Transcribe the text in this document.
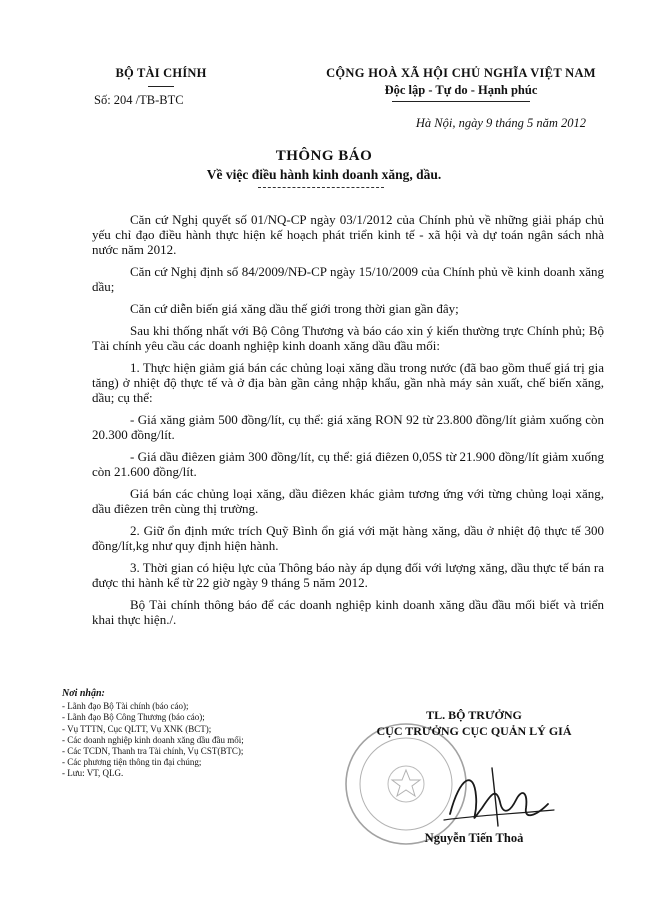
BỘ TÀI CHÍNH
Số: 204 /TB-BTC
CỘNG HOÀ XÃ HỘI CHỦ NGHĨA VIỆT NAM
Độc lập - Tự do - Hạnh phúc
Hà Nội, ngày 9 tháng 5 năm 2012
THÔNG BÁO
Về việc điều hành kinh doanh xăng, dầu.

Căn cứ Nghị quyết số 01/NQ-CP ngày 03/1/2012 của Chính phủ về những giải pháp chủ yếu chỉ đạo điều hành thực hiện kế hoạch phát triển kinh tế - xã hội và dự toán ngân sách nhà nước năm 2012.

Căn cứ Nghị định số 84/2009/NĐ-CP ngày 15/10/2009 của Chính phủ về kinh doanh xăng dầu;

Căn cứ diễn biến giá xăng dầu thế giới trong thời gian gần đây;

Sau khi thống nhất với Bộ Công Thương và báo cáo xin ý kiến thường trực Chính phủ; Bộ Tài chính yêu cầu các doanh nghiệp kinh doanh xăng dầu đầu mối:

1. Thực hiện giảm giá bán các chủng loại xăng dầu trong nước (đã bao gồm thuế giá trị gia tăng) ở nhiệt độ thực tế và ở địa bàn gần cảng nhập khẩu, gần nhà máy sản xuất, chế biến xăng, dầu; cụ thể:

- Giá xăng giảm 500 đồng/lít, cụ thể: giá xăng RON 92 từ 23.800 đồng/lít giảm xuống còn 20.300 đồng/lít.

- Giá dầu điêzen giảm 300 đồng/lít, cụ thể: giá điêzen 0,05S từ 21.900 đồng/lít giảm xuống còn 21.600 đồng/lít.

Giá bán các chủng loại xăng, dầu điêzen khác giảm tương ứng với từng chủng loại xăng, dầu điêzen trên cùng thị trường.

2. Giữ ổn định mức trích Quỹ Bình ổn giá với mặt hàng xăng, dầu ở nhiệt độ thực tế 300 đồng/lít,kg như quy định hiện hành.

3. Thời gian có hiệu lực của Thông báo này áp dụng đối với lượng xăng, dầu thực tế bán ra được thi hành kể từ 22 giờ ngày 9 tháng 5 năm 2012.

Bộ Tài chính thông báo để các doanh nghiệp kinh doanh xăng dầu đầu mối biết và triển khai thực hiện./.

Nơi nhận:
- Lãnh đạo Bộ Tài chính (báo cáo);
- Lãnh đạo Bộ Công Thương (báo cáo);
- Vụ TTTN, Cục QLTT, Vụ XNK (BCT);
- Các doanh nghiệp kinh doanh xăng dầu đầu mối;
- Các TCDN, Thanh tra Tài chính, Vụ CST(BTC);
- Các phương tiện thông tin đại chúng;
- Lưu: VT, QLG.
TL. BỘ TRƯỞNG
CỤC TRƯỞNG CỤC QUẢN LÝ GIÁ
Nguyễn Tiến Thoả
